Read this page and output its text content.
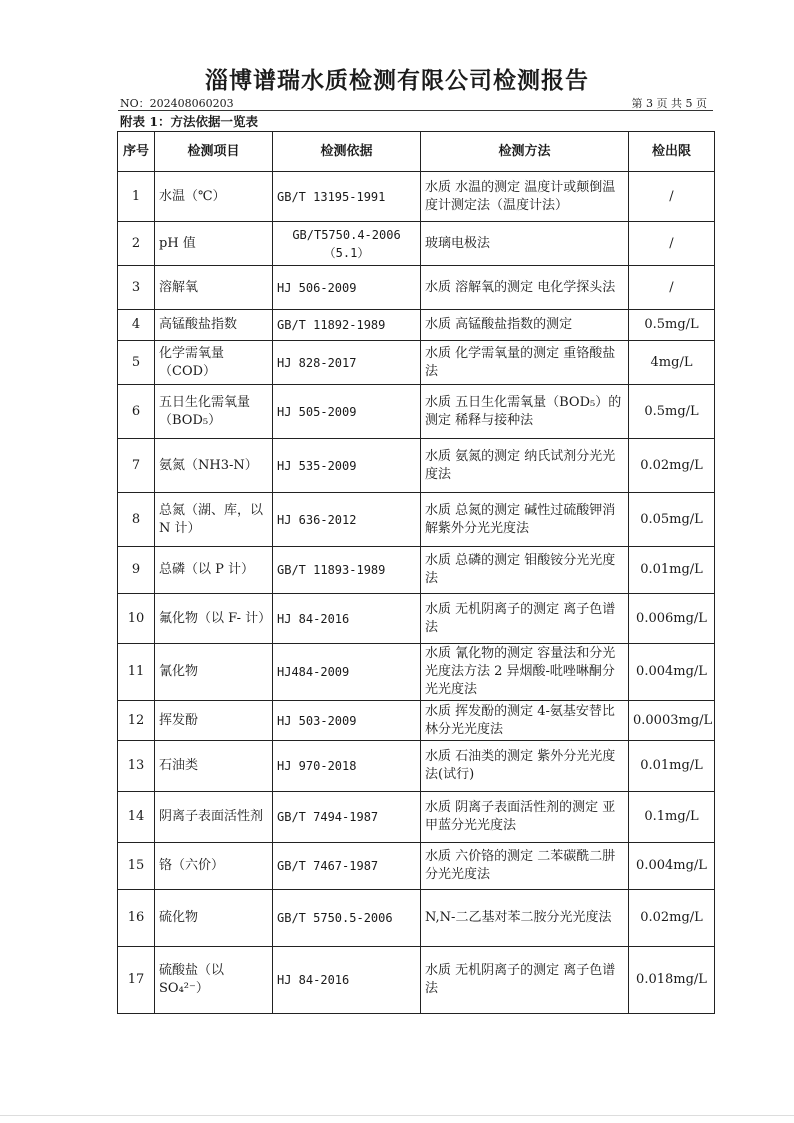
淄博谱瑞水质检测有限公司检测报告
NO：202408060203	第 3 页 共 5 页
附表 1：方法依据一览表
序号	检测项目	检测依据	检测方法	检出限
1	水温（℃）	GB/T 13195-1991	水质 水温的测定 温度计或颠倒温度计测定法（温度计法）	/
2	pH 值	GB/T5750.4-2006（5.1）	玻璃电极法	/
3	溶解氧	HJ 506-2009	水质 溶解氧的测定 电化学探头法	/
4	高锰酸盐指数	GB/T 11892-1989	水质 高锰酸盐指数的测定	0.5mg/L
5	化学需氧量（COD）	HJ 828-2017	水质 化学需氧量的测定 重铬酸盐法	4mg/L
6	五日生化需氧量（BOD₅）	HJ 505-2009	水质 五日生化需氧量（BOD₅）的测定 稀释与接种法	0.5mg/L
7	氨氮（NH3-N）	HJ 535-2009	水质 氨氮的测定 纳氏试剂分光光度法	0.02mg/L
8	总氮（湖、库，以 N 计）	HJ 636-2012	水质 总氮的测定 碱性过硫酸钾消解紫外分光光度法	0.05mg/L
9	总磷（以 P 计）	GB/T 11893-1989	水质 总磷的测定 钼酸铵分光光度法	0.01mg/L
10	氟化物（以 F- 计）	HJ 84-2016	水质 无机阴离子的测定 离子色谱法	0.006mg/L
11	氰化物	HJ484-2009	水质 氰化物的测定 容量法和分光光度法方法 2 异烟酸-吡唑啉酮分光光度法	0.004mg/L
12	挥发酚	HJ 503-2009	水质 挥发酚的测定 4-氨基安替比林分光光度法	0.0003mg/L
13	石油类	HJ 970-2018	水质 石油类的测定 紫外分光光度法(试行)	0.01mg/L
14	阴离子表面活性剂	GB/T 7494-1987	水质 阴离子表面活性剂的测定 亚甲蓝分光光度法	0.1mg/L
15	铬（六价）	GB/T 7467-1987	水质 六价铬的测定 二苯碳酰二肼分光光度法	0.004mg/L
16	硫化物	GB/T 5750.5-2006	N,N-二乙基对苯二胺分光光度法	0.02mg/L
17	硫酸盐（以 SO₄²⁻）	HJ 84-2016	水质 无机阴离子的测定 离子色谱法	0.018mg/L
